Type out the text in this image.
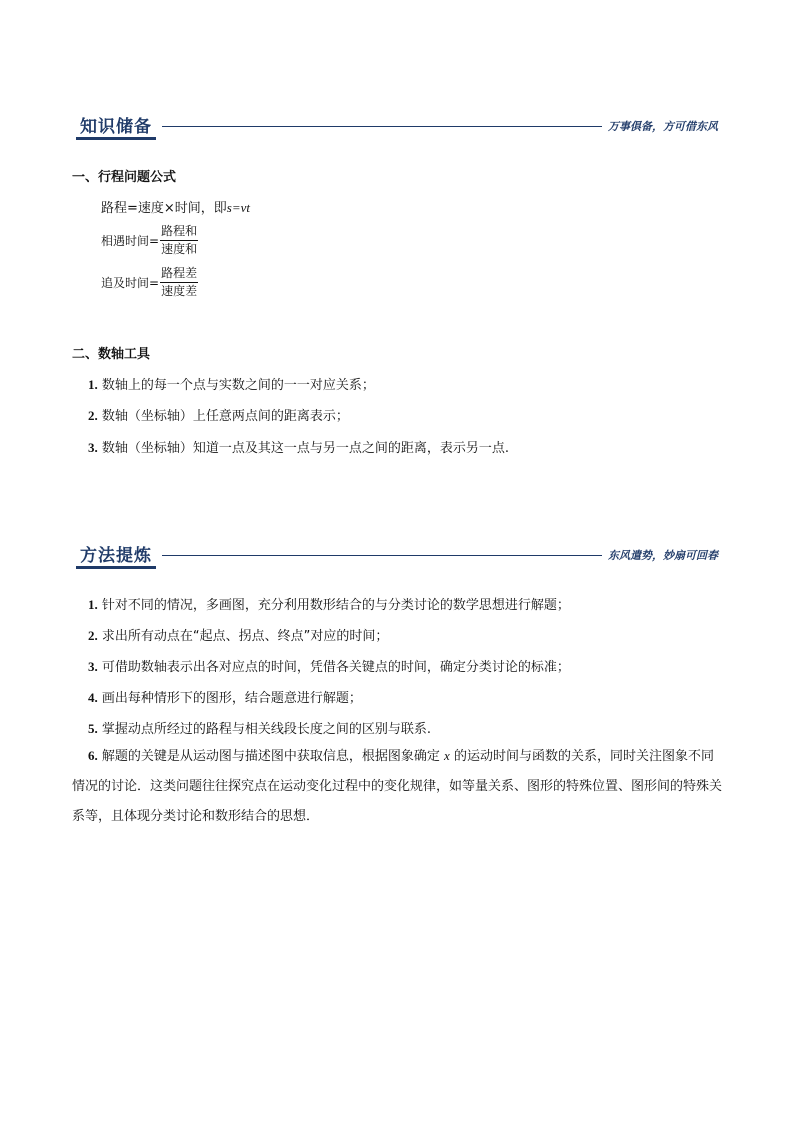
知识储备	万事俱备，方可借东风
一、行程问题公式
路程=速度×时间，即s=vt
相遇时间= $\frac{\text{路程和}}{\text{速度和}}$
追及时间= $\frac{\text{路程差}}{\text{速度差}}$
二、数轴工具
1. 数轴上的每一个点与实数之间的一一对应关系；
2. 数轴（坐标轴）上任意两点间的距离表示；
3. 数轴（坐标轴）知道一点及其这一点与另一点之间的距离，表示另一点.
方法提炼	东风遣势，妙扇可回春
1. 针对不同的情况，多画图，充分利用数形结合的与分类讨论的数学思想进行解题；
2. 求出所有动点在“起点、拐点、终点”对应的时间；
3. 可借助数轴表示出各对应点的时间，凭借各关键点的时间，确定分类讨论的标准；
4. 画出每种情形下的图形，结合题意进行解题；
5. 掌握动点所经过的路程与相关线段长度之间的区别与联系.
6. 解题的关键是从运动图与描述图中获取信息，根据图象确定 x 的运动时间与函数的关系，同时关注图象不同情况的讨论．这类问题往往探究点在运动变化过程中的变化规律，如等量关系、图形的特殊位置、图形间的特殊关系等，且体现分类讨论和数形结合的思想．
